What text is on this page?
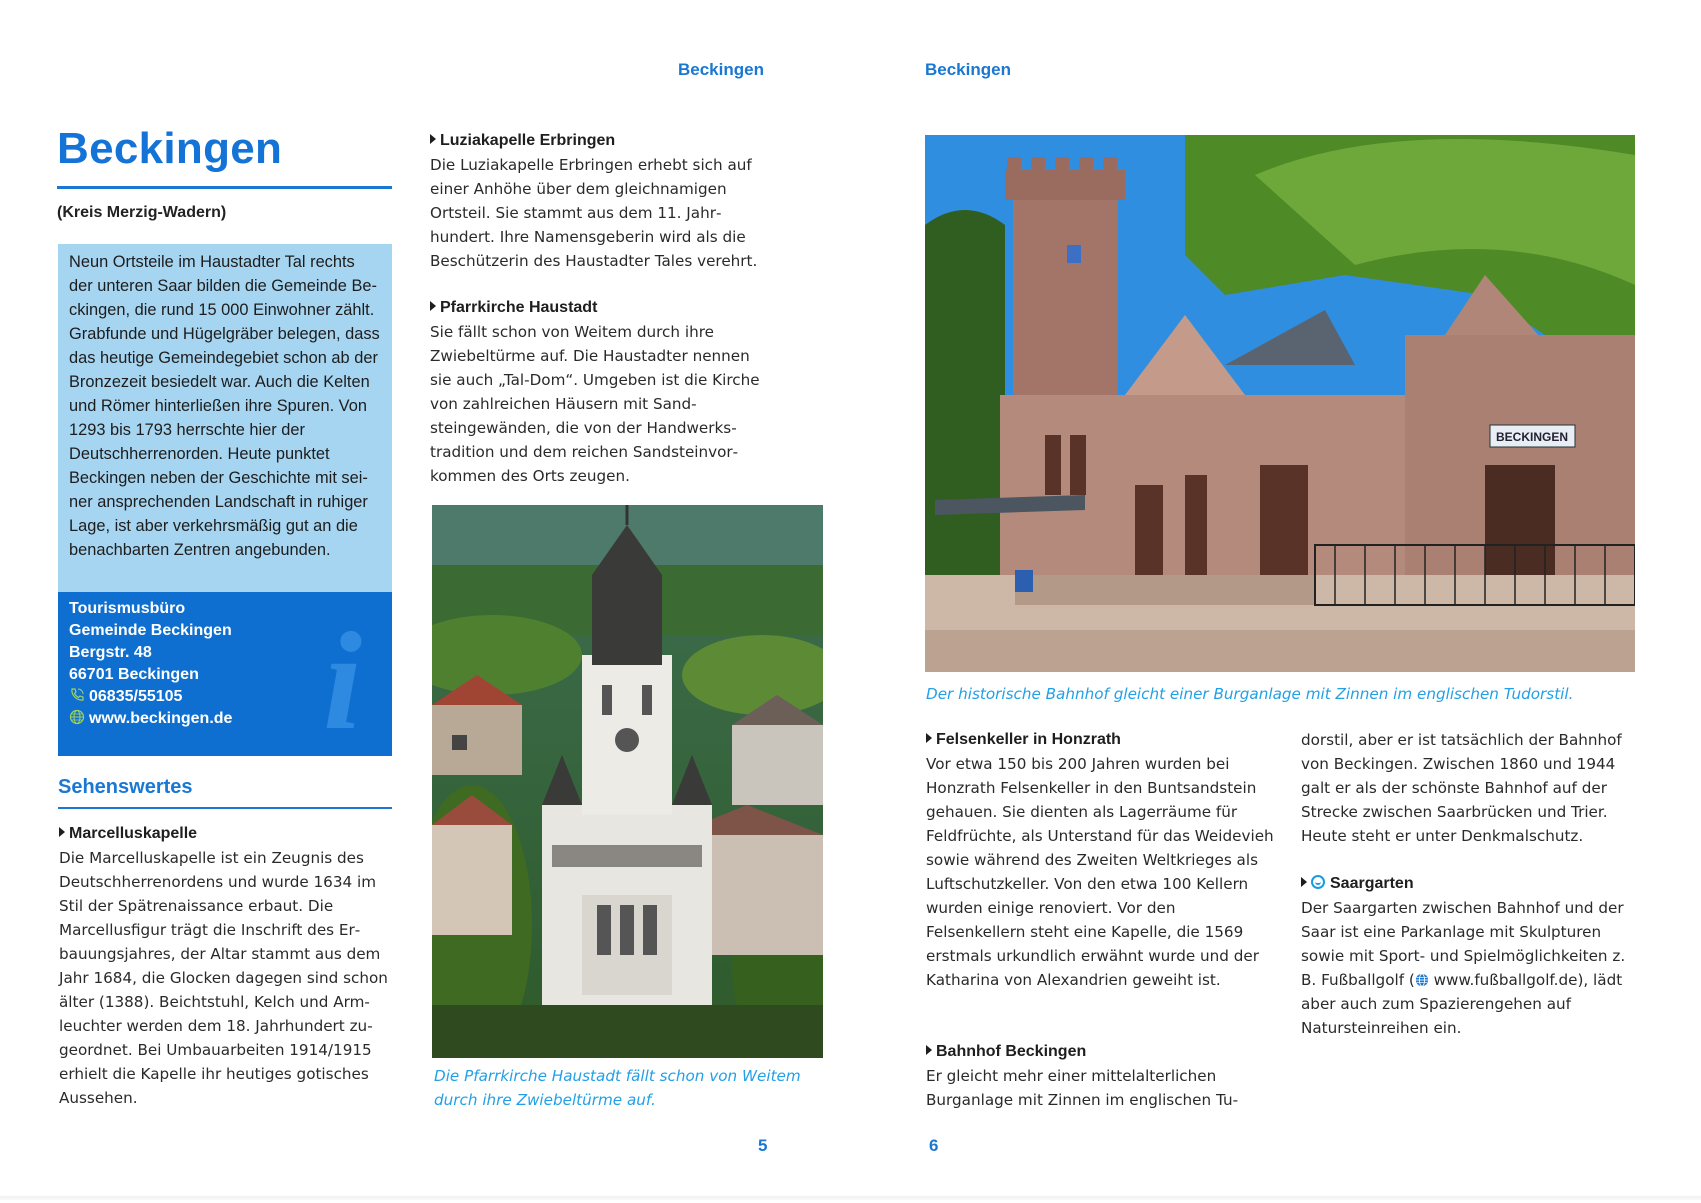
Beckingen	Beckingen
5	6
Beckingen
(Kreis Merzig-Wadern)
Neun Ortsteile im Haustadter Tal rechts der unteren Saar bilden die Gemeinde Beckingen, die rund 15 000 Einwohner zählt. Grabfunde und Hügelgräber belegen, dass das heutige Gemeindegebiet schon ab der Bronzezeit besiedelt war. Auch die Kelten und Römer hinterließen ihre Spuren. Von 1293 bis 1793 herrschte hier der Deutschherrenorden. Heute punktet Beckingen neben der Geschichte mit seiner ansprechenden Landschaft in ruhiger Lage, ist aber verkehrsmäßig gut an die benachbarten Zentren angebunden.
i
Tourismusbüro
Gemeinde Beckingen
Bergstr. 48
66701 Beckingen
06835/55105
www.beckingen.de
Sehenswertes
Marcelluskapelle
Die Marcelluskapelle ist ein Zeugnis des Deutschherrenordens und wurde 1634 im Stil der Spätrenaissance erbaut. Die Marcellusfigur trägt die Inschrift des Erbauungsjahres, der Altar stammt aus dem Jahr 1684, die Glocken dagegen sind schon älter (1388). Beichtstuhl, Kelch und Armleuchter werden dem 18. Jahrhundert zugeordnet. Bei Umbauarbeiten 1914/1915 erhielt die Kapelle ihr heutiges gotisches Aussehen.
Luziakapelle Erbringen
Die Luziakapelle Erbringen erhebt sich auf einer Anhöhe über dem gleichnamigen Ortsteil. Sie stammt aus dem 11. Jahrhundert. Ihre Namensgeberin wird als die Beschützerin des Haustadter Tales verehrt.
Pfarrkirche Haustadt
Sie fällt schon von Weitem durch ihre Zwiebeltürme auf. Die Haustadter nennen sie auch „Tal-Dom“. Umgeben ist die Kirche von zahlreichen Häusern mit Sandsteingewänden, die von der Handwerkstradition und dem reichen Sandsteinvorkommen des Orts zeugen.
Die Pfarrkirche Haustadt fällt schon von Weitem durch ihre Zwiebeltürme auf.
BECKINGEN
Der historische Bahnhof gleicht einer Burganlage mit Zinnen im englischen Tudorstil.
Felsenkeller in Honzrath
Vor etwa 150 bis 200 Jahren wurden bei Honzrath Felsenkeller in den Buntsandstein gehauen. Sie dienten als Lagerräume für Feldfrüchte, als Unterstand für das Weidevieh sowie während des Zweiten Weltkrieges als Luftschutzkeller. Von den etwa 100 Kellern wurden einige renoviert. Vor den Felsenkellern steht eine Kapelle, die 1569 erstmals urkundlich erwähnt wurde und der Katharina von Alexandrien geweiht ist.
Bahnhof Beckingen
Er gleicht mehr einer mittelalterlichen Burganlage mit Zinnen im englischen Tu-
dorstil, aber er ist tatsächlich der Bahnhof von Beckingen. Zwischen 1860 und 1944 galt er als der schönste Bahnhof auf der Strecke zwischen Saarbrücken und Trier. Heute steht er unter Denkmalschutz.
Saargarten
Der Saargarten zwischen Bahnhof und der Saar ist eine Parkanlage mit Skulpturen sowie mit Sport- und Spielmöglichkeiten z. B. Fußballgolf ( www.fußballgolf.de), lädt aber auch zum Spazierengehen auf Natursteinreihen ein.
